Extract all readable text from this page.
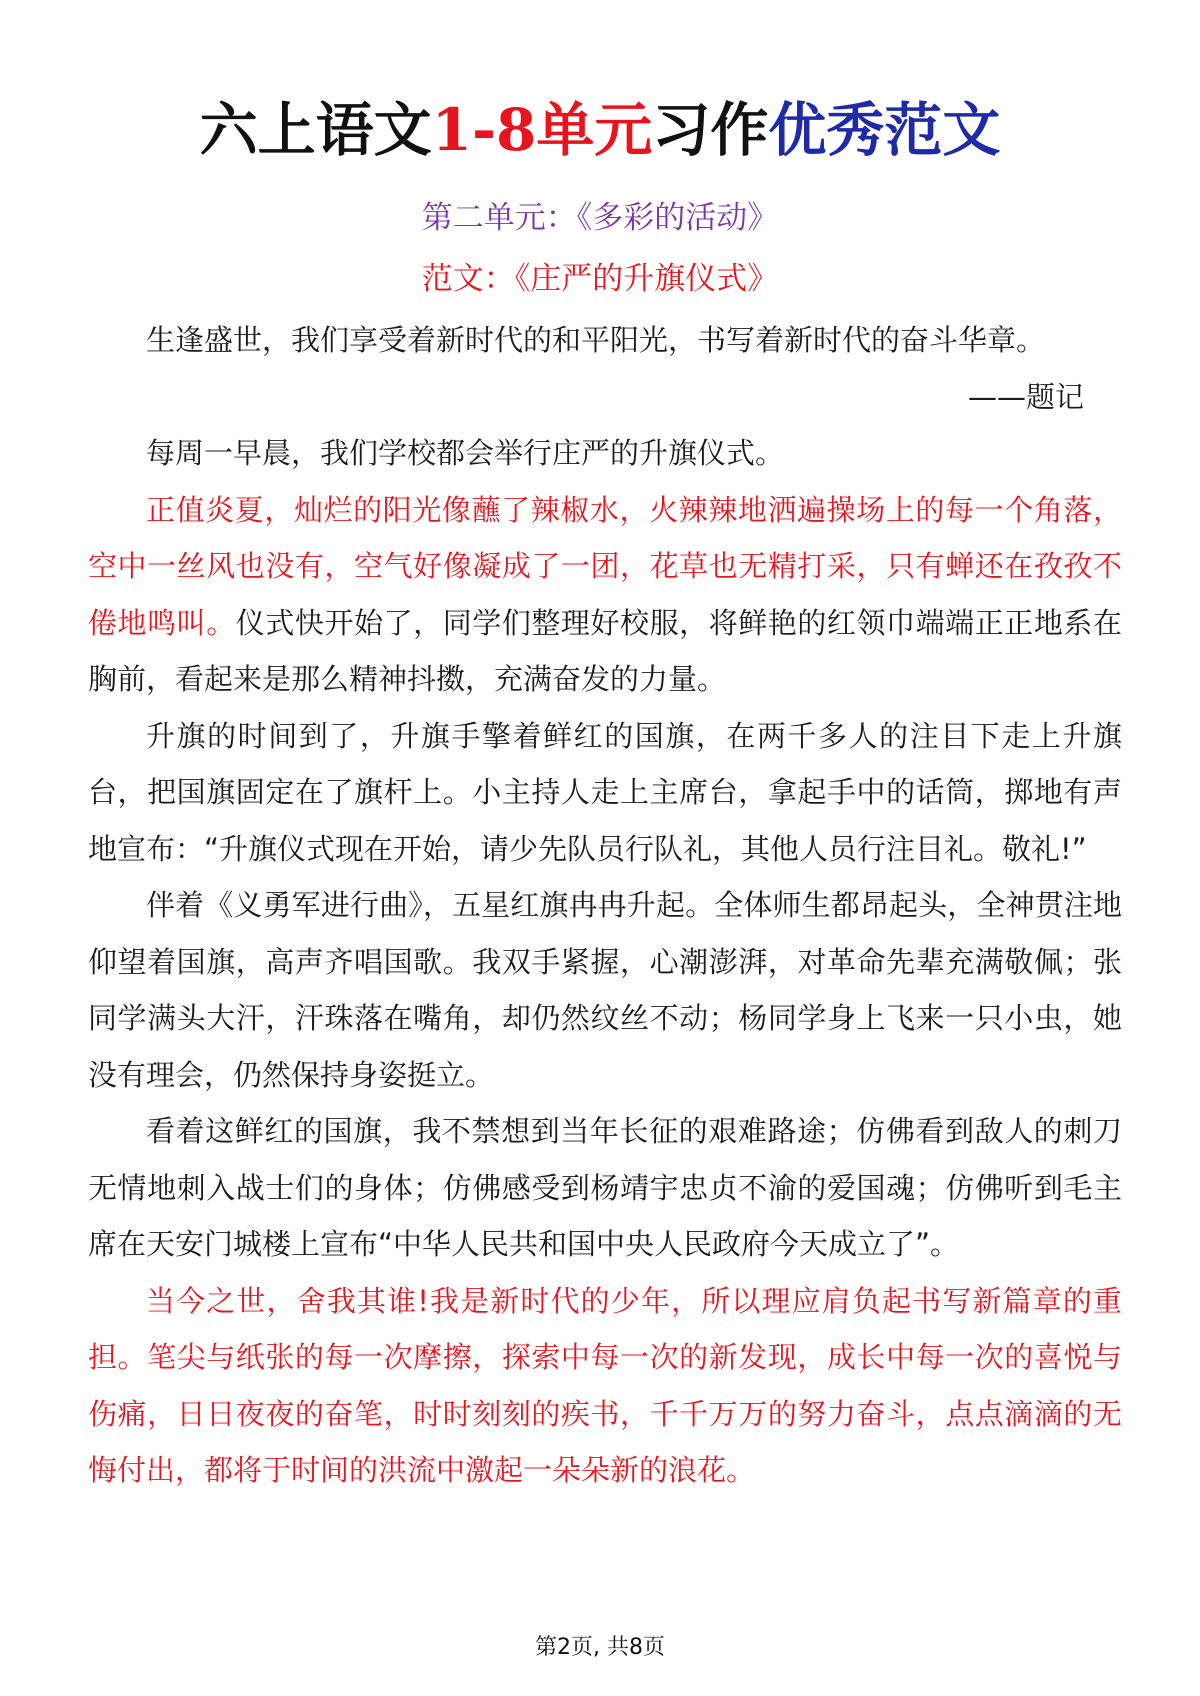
六上语文1-8单元习作优秀范文
第二单元：《多彩的活动》
范文：《庄严的升旗仪式》

生逢盛世，我们享受着新时代的和平阳光，书写着新时代的奋斗华章。

——题记

每周一早晨，我们学校都会举行庄严的升旗仪式。

正值炎夏，灿烂的阳光像蘸了辣椒水，火辣辣地洒遍操场上的每一个角落，空中一丝风也没有，空气好像凝成了一团，花草也无精打采，只有蝉还在孜孜不倦地鸣叫。仪式快开始了，同学们整理好校服，将鲜艳的红领巾端端正正地系在胸前，看起来是那么精神抖擞，充满奋发的力量。

升旗的时间到了，升旗手擎着鲜红的国旗，在两千多人的注目下走上升旗台，把国旗固定在了旗杆上。小主持人走上主席台，拿起手中的话筒，掷地有声地宣布：“升旗仪式现在开始，请少先队员行队礼，其他人员行注目礼。敬礼!”

伴着《义勇军进行曲》，五星红旗冉冉升起。全体师生都昂起头，全神贯注地仰望着国旗，高声齐唱国歌。我双手紧握，心潮澎湃，对革命先辈充满敬佩；张同学满头大汗，汗珠落在嘴角，却仍然纹丝不动；杨同学身上飞来一只小虫，她没有理会，仍然保持身姿挺立。

看着这鲜红的国旗，我不禁想到当年长征的艰难路途；仿佛看到敌人的刺刀无情地刺入战士们的身体；仿佛感受到杨靖宇忠贞不渝的爱国魂；仿佛听到毛主席在天安门城楼上宣布“中华人民共和国中央人民政府今天成立了”。

当今之世，舍我其谁!我是新时代的少年，所以理应肩负起书写新篇章的重担。笔尖与纸张的每一次摩擦，探索中每一次的新发现，成长中每一次的喜悦与伤痛，日日夜夜的奋笔，时时刻刻的疾书，千千万万的努力奋斗，点点滴滴的无悔付出，都将于时间的洪流中激起一朵朵新的浪花。

第2页, 共8页
